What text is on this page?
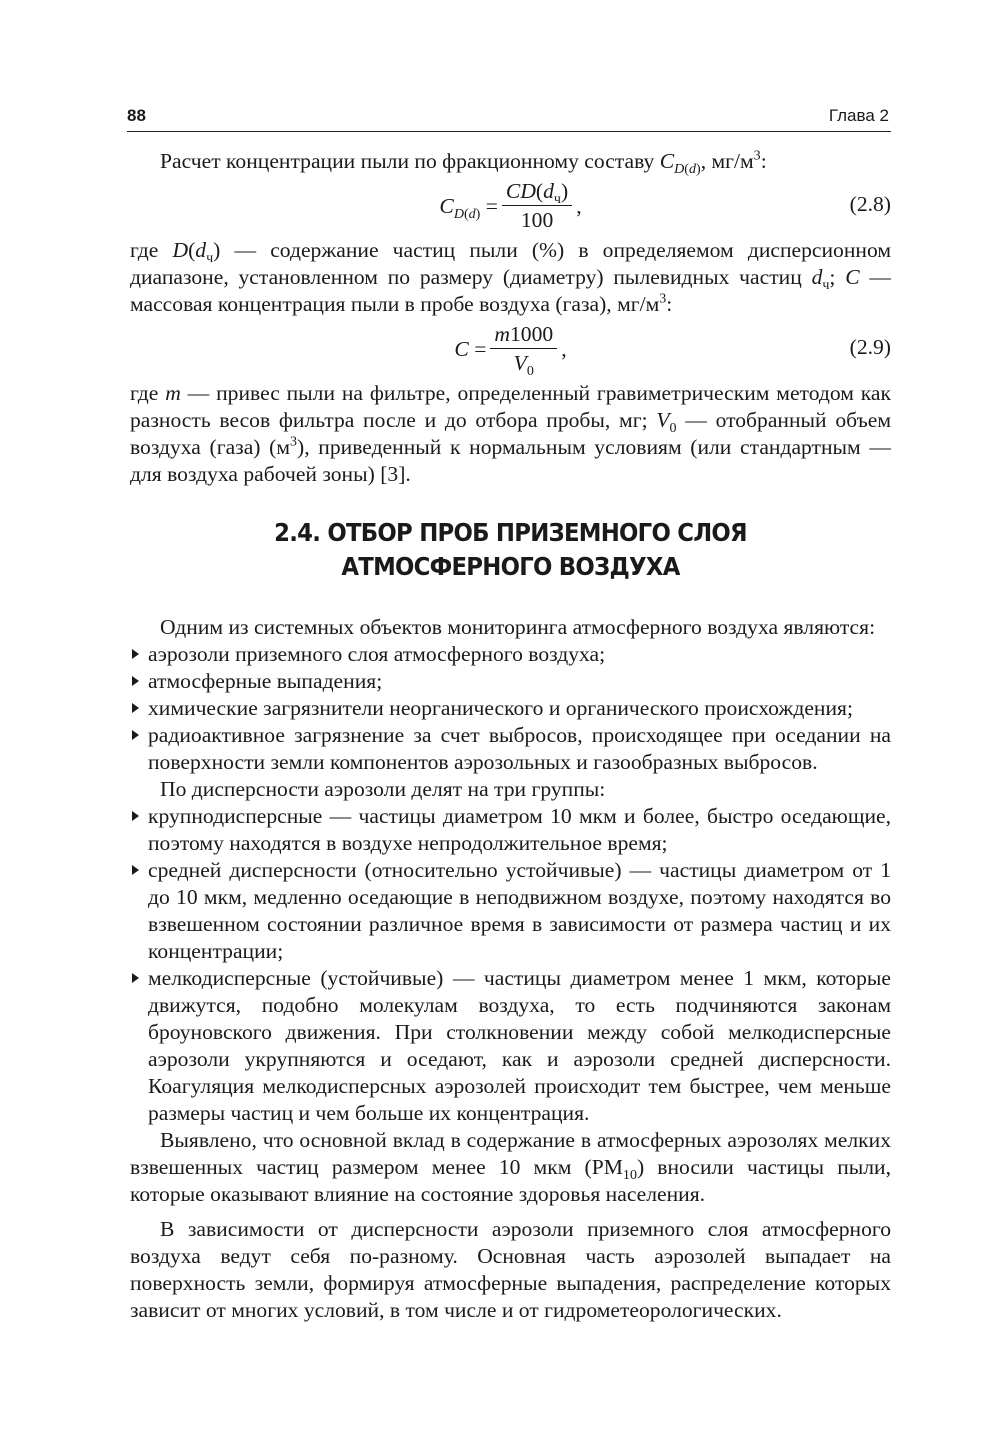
88	Глава 2

Расчет концентрации пыли по фракционному составу $C_{D(d)}$, $мг/м^3$:

$C_{D(d)} = \frac{CD(d_ч)}{100}$ ,	(2.8)

где $D(d_ч)$ — содержание частиц пыли (%) в определяемом дисперсионном диапазоне, установленном по размеру (диаметру) пылевидных частиц $d_ч$; C — массовая концентрация пыли в пробе воздуха (газа), $мг/м^3$:

$C = \frac{m1000}{V_0}$ ,	(2.9)

где m — привес пыли на фильтре, определенный гравиметрическим методом как разность весов фильтра после и до отбора пробы, мг; $V_0$ — отобранный объем воздуха (газа) $(м^3)$, приведенный к нормальным условиям (или стандартным — для воздуха рабочей зоны) [3].

2.4. ОТБОР ПРОБ ПРИЗЕМНОГО СЛОЯ
АТМОСФЕРНОГО ВОЗДУХА

Одним из системных объектов мониторинга атмосферного воздуха являются:

аэрозоли приземного слоя атмосферного воздуха;
атмосферные выпадения;
химические загрязнители неорганического и органического происхождения;
радиоактивное загрязнение за счет выбросов, происходящее при оседании на поверхности земли компонентов аэрозольных и газообразных выбросов.

По дисперсности аэрозоли делят на три группы:

крупнодисперсные — частицы диаметром 10 мкм и более, быстро оседающие, поэтому находятся в воздухе непродолжительное время;
средней дисперсности (относительно устойчивые) — частицы диаметром от 1 до 10 мкм, медленно оседающие в неподвижном воздухе, поэтому находятся во взвешенном состоянии различное время в зависимости от размера частиц и их концентрации;
мелкодисперсные (устойчивые) — частицы диаметром менее 1 мкм, которые движутся, подобно молекулам воздуха, то есть подчиняются законам броуновского движения. При столкновении между собой мелкодисперсные аэрозоли укрупняются и оседают, как и аэрозоли средней дисперсности. Коагуляция мелкодисперсных аэрозолей происходит тем быстрее, чем меньше размеры частиц и чем больше их концентрация.

Выявлено, что основной вклад в содержание в атмосферных аэрозолях мелких взвешенных частиц размером менее 10 мкм $(PM_{10})$ вносили частицы пыли, которые оказывают влияние на состояние здоровья населения.

В зависимости от дисперсности аэрозоли приземного слоя атмосферного воздуха ведут себя по-разному. Основная часть аэрозолей выпадает на поверхность земли, формируя атмосферные выпадения, распределение которых зависит от многих условий, в том числе и от гидрометеорологических.
